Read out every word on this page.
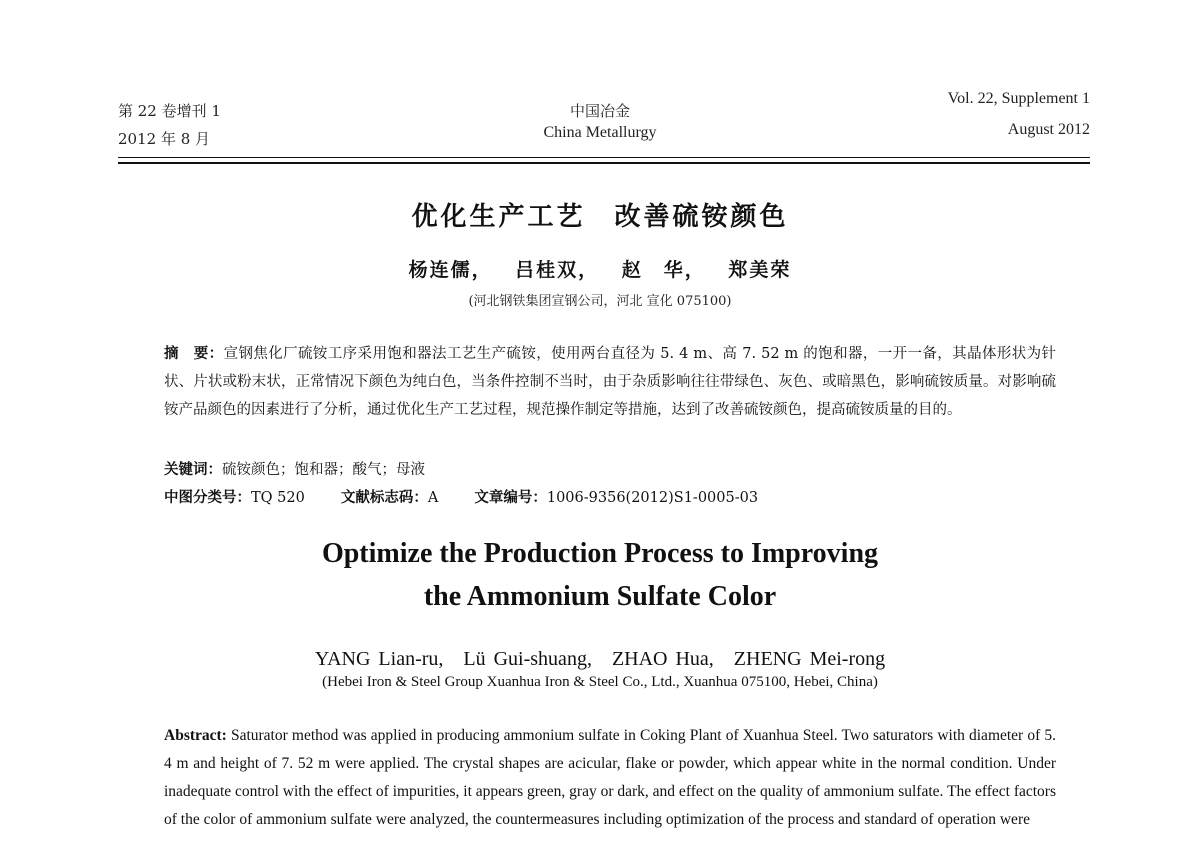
第 22 卷增刊 1
2012 年 8 月
中国冶金
China Metallurgy
Vol. 22, Supplement 1
August 2012
优化生产工艺　改善硫铵颜色
杨连儒， 吕桂双， 赵　华， 郑美荣
(河北钢铁集团宣钢公司，河北 宣化 075100)
摘　要：宣钢焦化厂硫铵工序采用饱和器法工艺生产硫铵，使用两台直径为 5. 4 m、高 7. 52 m 的饱和器，一开一备，其晶体形状为针状、片状或粉末状，正常情况下颜色为纯白色，当条件控制不当时，由于杂质影响往往带绿色、灰色、或暗黑色，影响硫铵质量。对影响硫铵产品颜色的因素进行了分析，通过优化生产工艺过程，规范操作制定等措施，达到了改善硫铵颜色，提高硫铵质量的目的。
关键词：硫铵颜色；饱和器；酸气；母液
中图分类号：TQ 520 文献标志码：A 文章编号：1006-9356(2012)S1-0005-03
Optimize the Production Process to Improving
the Ammonium Sulfate Color
YANG Lian-ru,　Lü Gui-shuang,　ZHAO Hua,　ZHENG Mei-rong
(Hebei Iron & Steel Group Xuanhua Iron & Steel Co., Ltd., Xuanhua 075100, Hebei, China)
Abstract: Saturator method was applied in producing ammonium sulfate in Coking Plant of Xuanhua Steel. Two saturators with diameter of 5. 4 m and height of 7. 52 m were applied. The crystal shapes are acicular, flake or powder, which appear white in the normal condition. Under inadequate control with the effect of impurities, it appears green, gray or dark, and effect on the quality of ammonium sulfate. The effect factors of the color of ammonium sulfate were analyzed, the countermeasures including optimization of the process and standard of operation were
